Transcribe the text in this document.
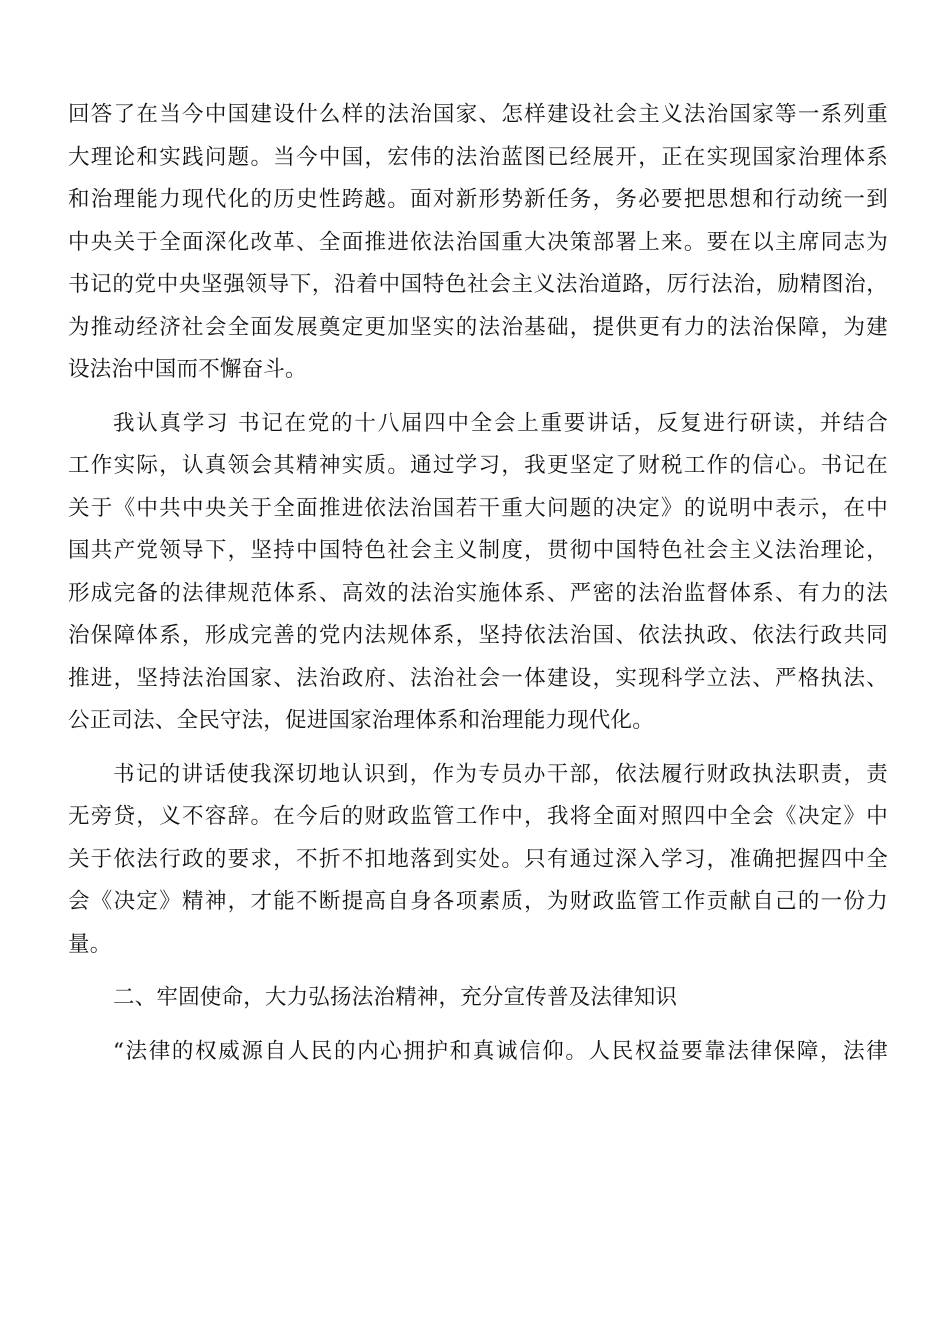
回答了在当今中国建设什么样的法治国家、怎样建设社会主义法治国家等一系列重
大理论和实践问题。当今中国，宏伟的法治蓝图已经展开，正在实现国家治理体系
和治理能力现代化的历史性跨越。面对新形势新任务，务必要把思想和行动统一到
中央关于全面深化改革、全面推进依法治国重大决策部署上来。要在以主席同志为
书记的党中央坚强领导下，沿着中国特色社会主义法治道路，厉行法治，励精图治，
为推动经济社会全面发展奠定更加坚实的法治基础，提供更有力的法治保障，为建
设法治中国而不懈奋斗。
我认真学习 书记在党的十八届四中全会上重要讲话，反复进行研读，并结合
工作实际，认真领会其精神实质。通过学习，我更坚定了财税工作的信心。书记在
关于《中共中央关于全面推进依法治国若干重大问题的决定》的说明中表示，在中
国共产党领导下，坚持中国特色社会主义制度，贯彻中国特色社会主义法治理论，
形成完备的法律规范体系、高效的法治实施体系、严密的法治监督体系、有力的法
治保障体系，形成完善的党内法规体系，坚持依法治国、依法执政、依法行政共同
推进，坚持法治国家、法治政府、法治社会一体建设，实现科学立法、严格执法、
公正司法、全民守法，促进国家治理体系和治理能力现代化。
书记的讲话使我深切地认识到，作为专员办干部，依法履行财政执法职责，责
无旁贷，义不容辞。在今后的财政监管工作中，我将全面对照四中全会《决定》中
关于依法行政的要求，不折不扣地落到实处。只有通过深入学习，准确把握四中全
会《决定》精神，才能不断提高自身各项素质，为财政监管工作贡献自己的一份力
量。
二、牢固使命，大力弘扬法治精神，充分宣传普及法律知识
“法律的权威源自人民的内心拥护和真诚信仰。人民权益要靠法律保障，法律
